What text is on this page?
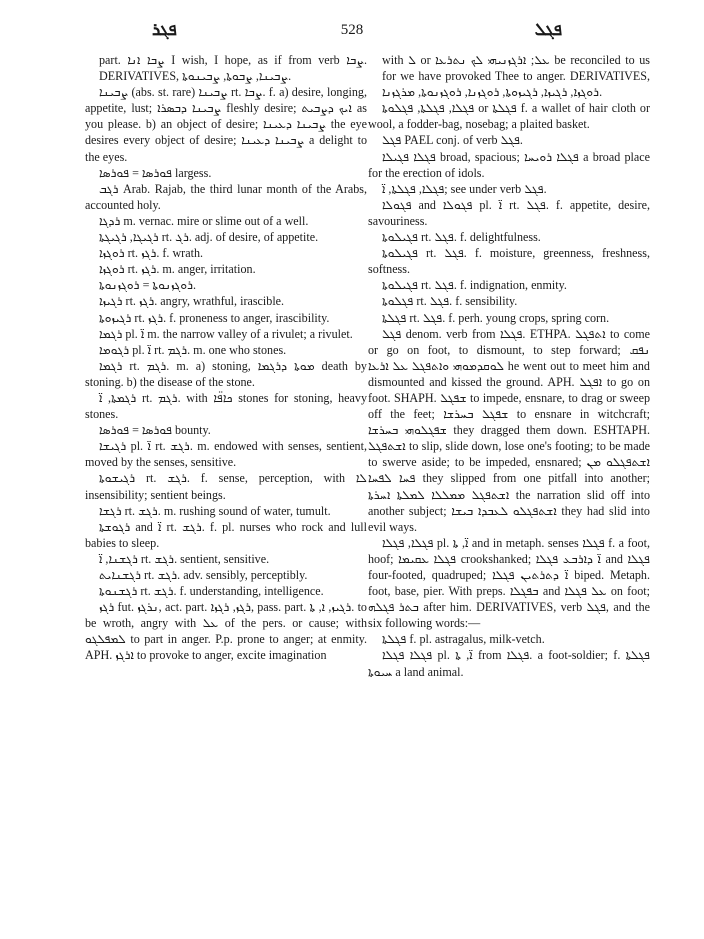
ܦܓܪ	528	ܦܓܠ

part. ܨܒܐ ܐܢܐ I wish, I hope, as if from verb ܨܒܐ. DERIVATIVES, ܨܒܝܢܐ, ܨܒܘܬܐ, ܨܒܝܢܘܬܐ.

ܨܒܝܢܐ (abs. st. rare) ܨܒܝܢܐ rt. ܨܒܐ. f. a) desire, longing, appetite, lust; ܨܒܝܢܐ ܕܒܣܪܐ fleshly desire; ܐܝܟ ܕܨܒܝܬ as you please. b) an object of desire; ܨܒܝܢܐ ܕܥܝܢܐ the eye desires every object of desire; ܨܒܝܢܐ ܕܥܝܢܐ a delight to the eyes.

ܦܘܪܣܐ = ܦܘܪܣܐ largess.

ܪܓܒ Arab. Rajab, the third lunar month of the Arabs, accounted holy.

ܪܕܓܐ m. vernac. mire or slime out of a well.

ܪܓܝܓܐ, ܪܓܝܓܬܐ rt. ܪܓ. adj. of desire, of appetite.

ܪܘܓܙܐ rt. ܪܓܙ. f. wrath.

ܪܘܓܙܐ rt. ܪܓܙ. m. anger, irritation.

ܪܘܓܙܢܘܬܐ = ܪܘܓܙܢܘܬܐ.

ܪܓܝܙܐ rt. ܪܓܙ. angry, wrathful, irascible.

ܪܓܝܙܘܬܐ rt. ܪܓܙ. f. proneness to anger, irascibility.

ܪܓܡܐ pl. ܐ̈ m. the narrow valley of a rivulet; a rivulet.

ܪܓܘܡܐ pl. ܐ̈ rt. ܪܓܡ. m. one who stones.

ܪܓܡܐ rt. ܪܓܡ. m. a) stoning, ܡܘܬܐ ܕܪܓܡܐ death by stoning. b) the disease of the stone.

ܪܓܡܬܐ, ܐ̈ rt. ܪܓܡ. with ܟܐܦ̈ܐ stones for stoning, heavy stones.

ܦܘܪܣܐ = ܦܘܪܣܐ bounty.

ܪܓܝܫܐ pl. ܐ̈ rt. ܪܓܫ. m. endowed with senses, sentient, moved by the senses, sensitive.

ܪܓܝܫܘܬܐ rt. ܪܓܫ. f. sense, perception, with ܠܐ insensibility; sentient beings.

ܪܓܫܐ rt. ܪܓܫ. m. rushing sound of water, tumult.

ܪܓܘܫܬܐ and ܐ̈ rt. ܪܓܫ. f. pl. nurses who rock and lull babies to sleep.

ܪܓܫܢܐ, ܐ̈ rt. ܪܓܫ. sentient, sensitive.

ܪܓܫܢܐܝܬ rt. ܪܓܫ. adv. sensibly, perceptibly.

ܪܓܫܢܘܬܐ rt. ܪܓܫ. f. understanding, intelligence.

ܪܓܙ fut. ܢܪܓܙ, act. part. ܪܓܙ, ܪܓܙܐ, pass. part. ܪܓܝܙ, ܐ, ܬܐ. to be wroth, angry with ܥܠ of the pers. or cause; with ܠܡܦܠܓܘ to part in anger. P.p. prone to anger; at enmity. APH. ܐܪܓܙ to provoke to anger, excite imagination

with ܠ or ܥܠ; ܐܪܓܙܢܝܗܝ ܠܟ ܢܬܪܥܐ be reconciled to us for we have provoked Thee to anger. DERIVATIVES, ܪܘܓܙܐ, ܪܓܝܙܐ, ܪܓܝܙܘܬܐ, ܪܘܓܙܢܐ, ܪܘܓܙܢܘܬܐ, ܡܪܓܙܢܐ.

ܦܓܠܐ, ܦܓܠܬܐ, ܦܓܠܘܬܐ or ܦܓܠܬܐ f. a wallet of hair cloth or wool, a fodder-bag, nosebag; a plaited basket.

ܦܓܠ PAEL conj. of verb ܦܓܠ.

ܦܓܠܐ ܦܓܝܠܐ broad, spacious; ܦܓܠܐ ܪܘܝܚܐ a broad place for the erection of idols.

ܦܓܠܐ, ܦܓܠܬܐ, ܐ̈; see under verb ܦܓܠ.

ܦܓܘܠܐ and ܦܓܘܠܐ pl. ܐ̈ rt. ܦܓܠ. f. appetite, desire, savouriness.

ܦܓܝܠܘܬܐ rt. ܦܓܠ. f. delightfulness.

ܦܓܝܠܘܬܐ rt. ܦܓܠ. f. moisture, greenness, freshness, softness.

ܦܓܝܠܘܬܐ rt. ܦܓܠ. f. indignation, enmity.

ܦܓܠܘܬܐ rt. ܦܓܠ. f. sensibility.

ܦܓܠܬܐ rt. ܦܓܠ. f. perh. young crops, spring corn.

ܦܓܠ denom. verb from ܦܓܠܐ. ETHPA. ܐܬܦܓܠ to come or go on foot, to dismount, to step forward; ܢܦܩ ܠܘܩܕܡܘܗܝ ܘܐܬܦܓܠ ܥܠ ܐܪܥܐ he went out to meet him and dismounted and kissed the ground. APH. ܐܦܓܠ to go on foot. SHAPH. ܫܦܓܠ to impede, ensnare, to drag or sweep off the feet; ܫܦܓܠ ܒܚܪܫܐ to ensnare in witchcraft; ܫܦܓܠܘܗܝ ܒܚܪܫܐ they dragged them down. ESHTAPH. ܐܫܬܦܓܠ to slip, slide down, lose one's footing; to be made to swerve aside; to be impeded, ensnared; ܐܫܬܦܓܠܘ ܡܢ ܦܚܐ ܠܦܚܐ they slipped from one pitfall into another; ܐܫܬܦܓܠ ܡܡܠܠܐ ܠܡܠܬܐ ܐܚܪܬܐ the narration slid off into another subject; ܐܫܬܦܓܠܘ ܠܥܒܕܐ ܒܝܫܐ they had slid into evil ways.

ܦܓܠܐ, ܦܓܠܐ pl. ܐ̈, ܬܐ and in metaph. senses ܦܓܠܐ f. a foot, hoof; ܦܓܠܐ ܥܩܝܡܐ crookshanked; ܐ̈ ܕܐܪܒܥ ܦܓܠܐ and ܦܓܠܐ four-footed, quadruped; ܐ̈ ܕܬܪܬܝܢ ܦܓܠܐ biped. Metaph. foot, base, pier. With preps. ܒܦܓܠܐ and ܥܠ ܦܓܠܐ on foot; ܒܬܪ ܦܓܠܗ after him. DERIVATIVES, verb ܦܓܠ, and the six following words:—

ܦܓܠܬܐ f. pl. astragalus, milk-vetch.

ܦܓܠܐ ܦܓܠܐ pl. ܐ̈, ܬܐ from ܦܓܠܐ. a foot-soldier; f. ܦܓܠܬܐ ܚܝܘܬܐ a land animal.
